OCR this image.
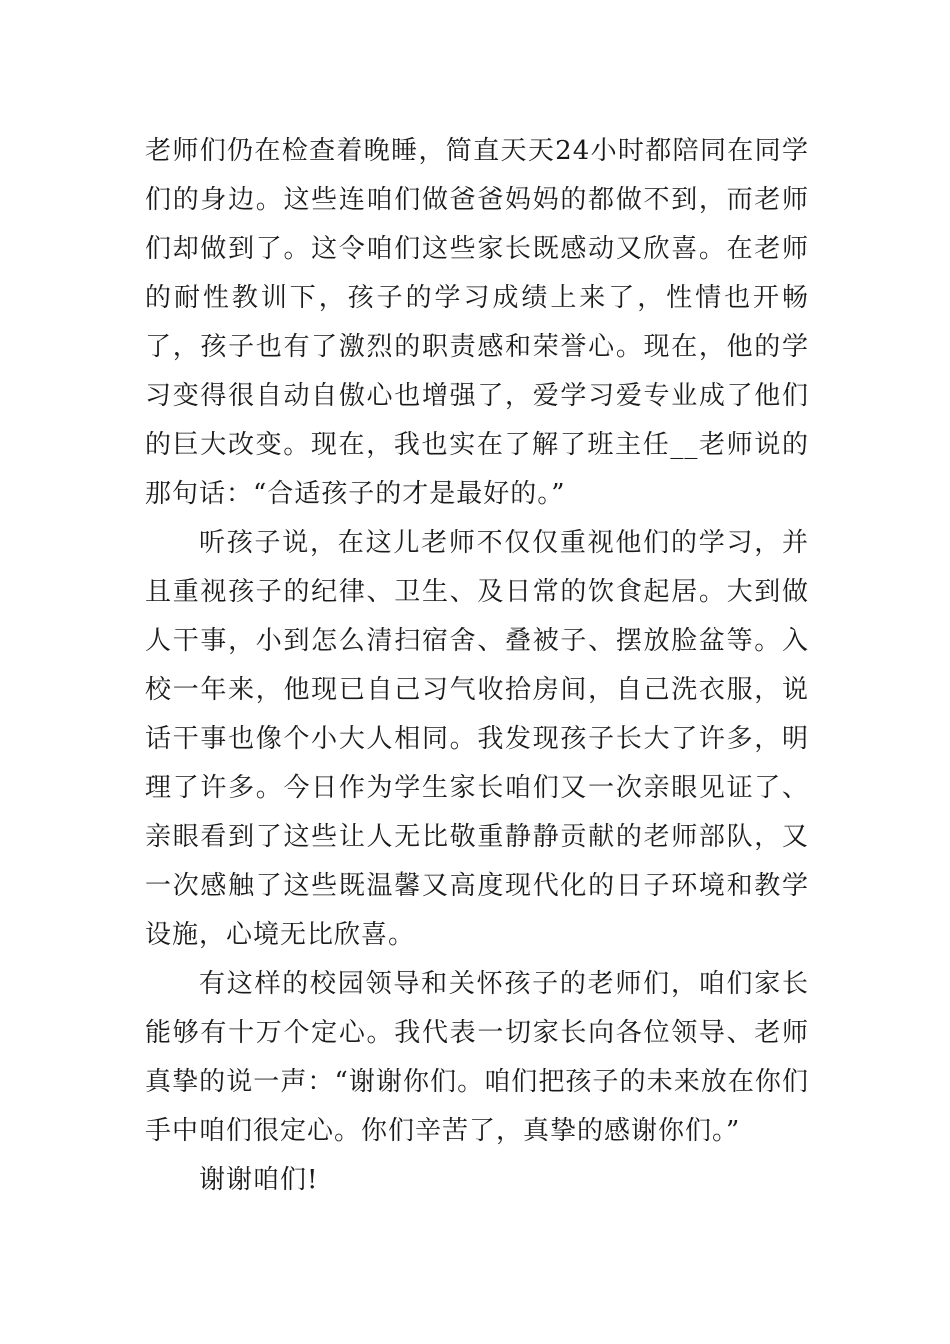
老师们仍在检查着晚睡，简直天天24小时都陪同在同学们的身边。这些连咱们做爸爸妈妈的都做不到，而老师们却做到了。这令咱们这些家长既感动又欣喜。在老师的耐性教训下，孩子的学习成绩上来了，性情也开畅了，孩子也有了激烈的职责感和荣誉心。现在，他的学习变得很自动自傲心也增强了，爱学习爱专业成了他们的巨大改变。现在，我也实在了解了班主任__老师说的那句话：“合适孩子的才是最好的。”

听孩子说，在这儿老师不仅仅重视他们的学习，并且重视孩子的纪律、卫生、及日常的饮食起居。大到做人干事，小到怎么清扫宿舍、叠被子、摆放脸盆等。入校一年来，他现已自己习气收拾房间，自己洗衣服，说话干事也像个小大人相同。我发现孩子长大了许多，明理了许多。今日作为学生家长咱们又一次亲眼见证了、亲眼看到了这些让人无比敬重静静贡献的老师部队，又一次感触了这些既温馨又高度现代化的日子环境和教学设施，心境无比欣喜。

有这样的校园领导和关怀孩子的老师们，咱们家长能够有十万个定心。我代表一切家长向各位领导、老师真挚的说一声：“谢谢你们。咱们把孩子的未来放在你们手中咱们很定心。你们辛苦了，真挚的感谢你们。”

谢谢咱们!
